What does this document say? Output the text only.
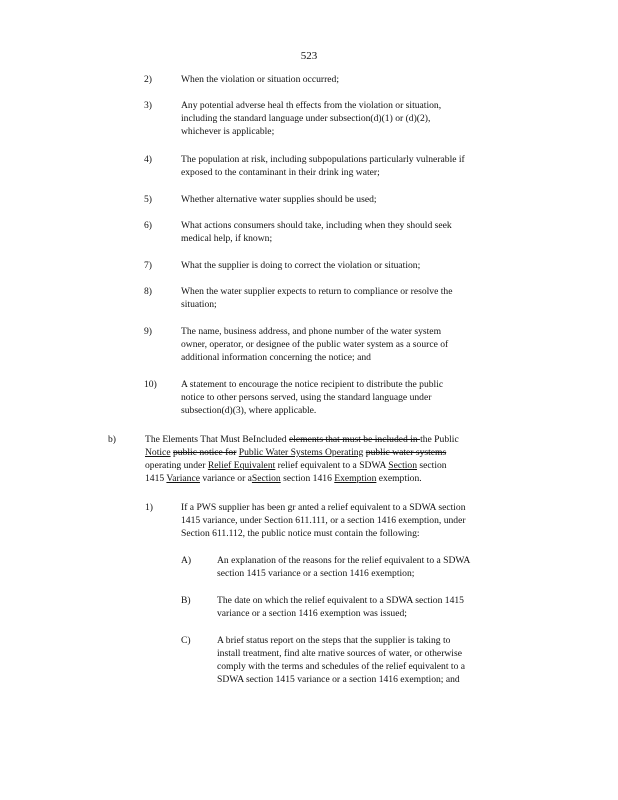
523
2)	When the violation or situation occurred;

3)	Any potential adverse heal th effects from the violation or situation,

including the standard language under subsection(d)(1) or (d)(2),

whichever is applicable;

4)	The population at risk, including subpopulations particularly vulnerable if

exposed to the contaminant in their drink ing water;

5)	Whether alternative water supplies should be used;

6)	What actions consumers should take, including when they should seek

medical help, if known;

7)	What the supplier is doing to correct the violation or situation;

8)	When the water supplier expects to return to compliance or resolve the

situation;

9)	The name, business address, and phone number of the water system

owner, operator, or designee of the public water system as a source of

additional information concerning the notice; and

10)	A statement to encourage the notice recipient to distribute the public

notice to other persons served, using the standard language under

subsection(d)(3), where applicable.

b)	The Elements That Must BeIncluded elements that must be included in the Public

Notice public notice for Public Water Systems Operating public water systems

operating under Relief Equivalent relief equivalent to a SDWA Section section

1415 Variance variance or aSection section 1416 Exemption exemption.

1)	If a PWS supplier has been gr anted a relief equivalent to a SDWA section

1415 variance, under Section 611.111, or a section 1416 exemption, under

Section 611.112, the public notice must contain the following:

A)	An explanation of the reasons for the relief equivalent to a SDWA

section 1415 variance or a section 1416 exemption;

B)	The date on which the relief equivalent to a SDWA section 1415

variance or a section 1416 exemption was issued;

C)	A brief status report on the steps that the supplier is taking to

install treatment, find alte rnative sources of water, or otherwise

comply with the terms and schedules of the relief equivalent to a

SDWA section 1415 variance or a section 1416 exemption; and
